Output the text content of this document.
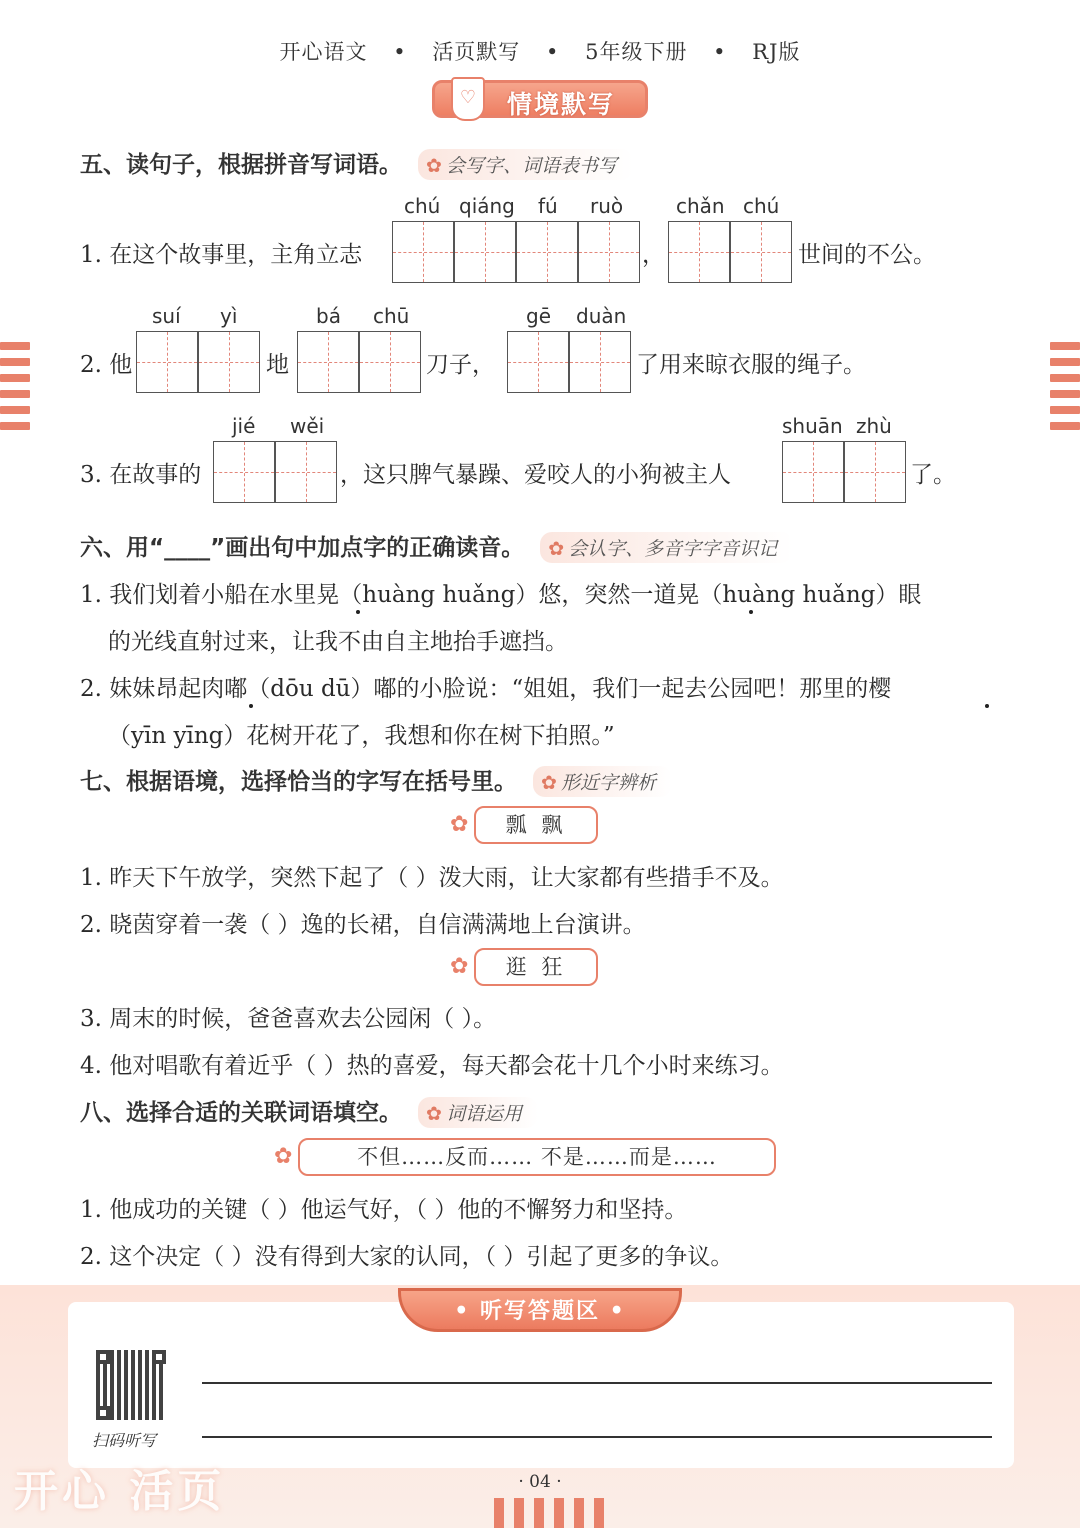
开心语文 • 活页默写 • 5年级下册 • RJ版
♡	情境默写
五、读句子，根据拼音写词语。 ✿ 会写字、词语表书写
chú qiáng fú ruò	chǎn chú
1. 在这个故事里，主角立志	，	世间的不公。
suí yì	bá chū	gē duàn
2. 他	地	刀子，	了用来晾衣服的绳子。
jié wěi	shuān zhù
3. 在故事的	，这只脾气暴躁、爱咬人的小狗被主人	了。
六、用“____”画出句中加点字的正确读音。 ✿ 会认字、多音字字音识记
1. 我们划着小船在水里晃（huàng huǎng）悠，突然一道晃（huàng huǎng）眼
的光线直射过来，让我不由自主地抬手遮挡。
2. 妹妹昂起肉嘟（dōu dū）嘟的小脸说：“姐姐，我们一起去公园吧！那里的樱
（yīn yīng）花树开花了，我想和你在树下拍照。”
七、根据语境，选择恰当的字写在括号里。 ✿ 形近字辨析
✿	瓢 飘
1. 昨天下午放学，突然下起了（ ）泼大雨，让大家都有些措手不及。
2. 晓茵穿着一袭（ ）逸的长裙，自信满满地上台演讲。
✿	逛 狂
3. 周末的时候，爸爸喜欢去公园闲（ ）。
4. 他对唱歌有着近乎（ ）热的喜爱，每天都会花十几个小时来练习。
八、选择合适的关联词语填空。 ✿ 词语运用
✿	不但……反而…… 不是……而是……
1. 他成功的关键（ ）他运气好，（ ）他的不懈努力和坚持。
2. 这个决定（ ）没有得到大家的认同，（ ）引起了更多的争议。
• 听写答题区 •
扫码听写
开心 活页	· 04 ·
